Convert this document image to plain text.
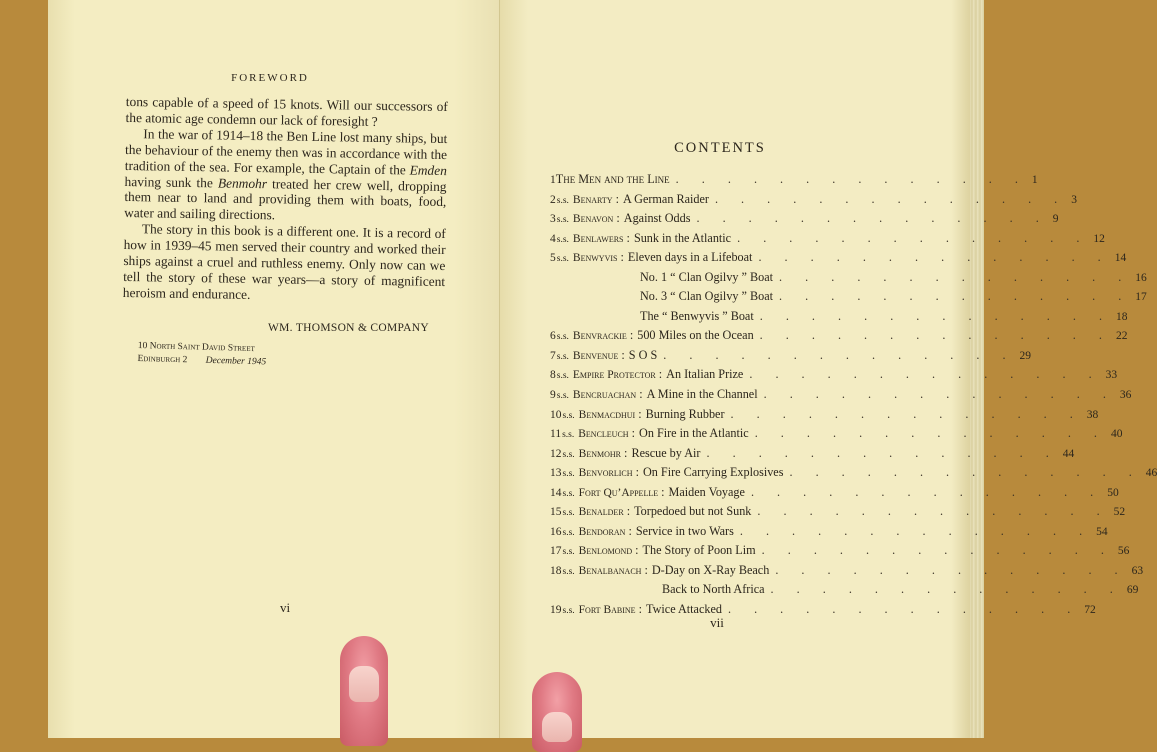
FOREWORD

tons capable of a speed of 15 knots. Will our successors of the atomic age condemn our lack of foresight ?

In the war of 1914–18 the Ben Line lost many ships, but the behaviour of the enemy then was in accordance with the tradition of the sea. For example, the Captain of the Emden having sunk the Benmohr treated her crew well, dropping them near to land and providing them with boats, food, water and sailing directions.

The story in this book is a different one. It is a record of how in 1939–45 men served their country and worked their ships against a cruel and ruthless enemy. Only now can we tell the story of these war years—a story of magnificent heroism and endurance.

WM. THOMSON & COMPANY
10 North Saint David Street
Edinburgh 2 December 1945
vi
CONTENTS
1 The Men and the Line . . . . . . . . . . . . . . 1
2 s.s. Benarty : A German Raider . . . . . . . . . . . . . . 3
3 s.s. Benavon : Against Odds . . . . . . . . . . . . . . 9
4 s.s. Benlawers : Sunk in the Atlantic . . . . . . . . . . . . . . 12
5 s.s. Benwyvis : Eleven days in a Lifeboat . . . . . . . . . . . . . . 14
No. 1 “ Clan Ogilvy ” Boat . . . . . . . . . . . . . . 16
No. 3 “ Clan Ogilvy ” Boat . . . . . . . . . . . . . . 17
The “ Benwyvis ” Boat . . . . . . . . . . . . . . 18
6 s.s. Benvrackie : 500 Miles on the Ocean . . . . . . . . . . . . . . 22
7 s.s. Benvenue : S O S . . . . . . . . . . . . . . 29
8 s.s. Empire Protector : An Italian Prize . . . . . . . . . . . . . . 33
9 s.s. Bencruachan : A Mine in the Channel . . . . . . . . . . . . . . 36
10 s.s. Benmacdhui : Burning Rubber . . . . . . . . . . . . . . 38
11 s.s. Bencleuch : On Fire in the Atlantic . . . . . . . . . . . . . . 40
12 s.s. Benmohr : Rescue by Air . . . . . . . . . . . . . . 44
13 s.s. Benvorlich : On Fire Carrying Explosives . . . . . . . . . . . . . . 46
14 s.s. Fort Qu’Appelle : Maiden Voyage . . . . . . . . . . . . . . 50
15 s.s. Benalder : Torpedoed but not Sunk . . . . . . . . . . . . . . 52
16 s.s. Bendoran : Service in two Wars . . . . . . . . . . . . . . 54
17 s.s. Benlomond : The Story of Poon Lim . . . . . . . . . . . . . . 56
18 s.s. Benalbanach : D-Day on X-Ray Beach . . . . . . . . . . . . . . 63
Back to North Africa . . . . . . . . . . . . . . 69
19 s.s. Fort Babine : Twice Attacked . . . . . . . . . . . . . . 72
vii
